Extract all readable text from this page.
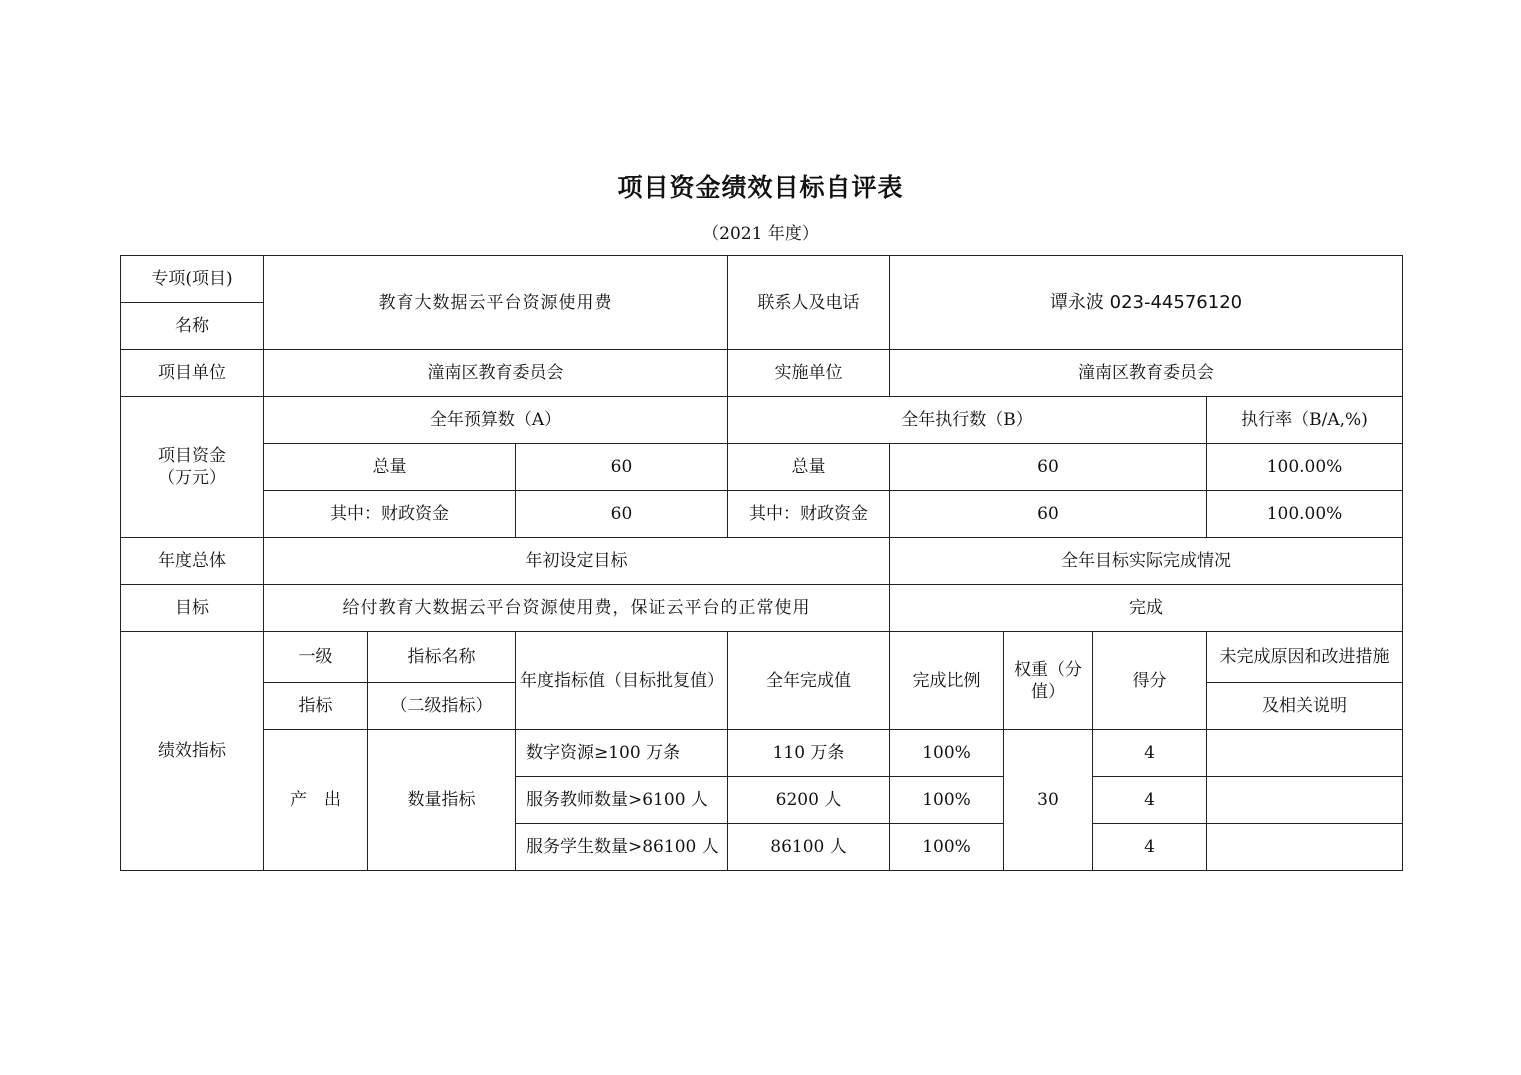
项目资金绩效目标自评表
（2021 年度）
专项(项目)	教育大数据云平台资源使用费			联系人及电话	谭永波 023-44576120			
名称								
项目单位	潼南区教育委员会			实施单位	潼南区教育委员会			

项目资金
（万元）	全年预算数（A）			全年执行数（B）				执行率（B/A,%)
	总量		60	总量	60			100.00%
	其中：财政资金		60	其中：财政资金	60			100.00%
年度总体	年初设定目标				全年目标实际完成情况			
目标	给付教育大数据云平台资源使用费，保证云平台的正常使用				完成			
绩效指标	一级	指标名称	年度指标值（目标批复值）	全年完成值	完成比例	权重（分值）	得分	未完成原因和改进措施
	指标	（二级指标）						及相关说明
	产　出	数量指标	数字资源≥100 万条	110 万条	100%	30	4	
			服务教师数量>6100 人	6200 人	100%		4	
			服务学生数量>86100 人	86100 人	100%		4	
